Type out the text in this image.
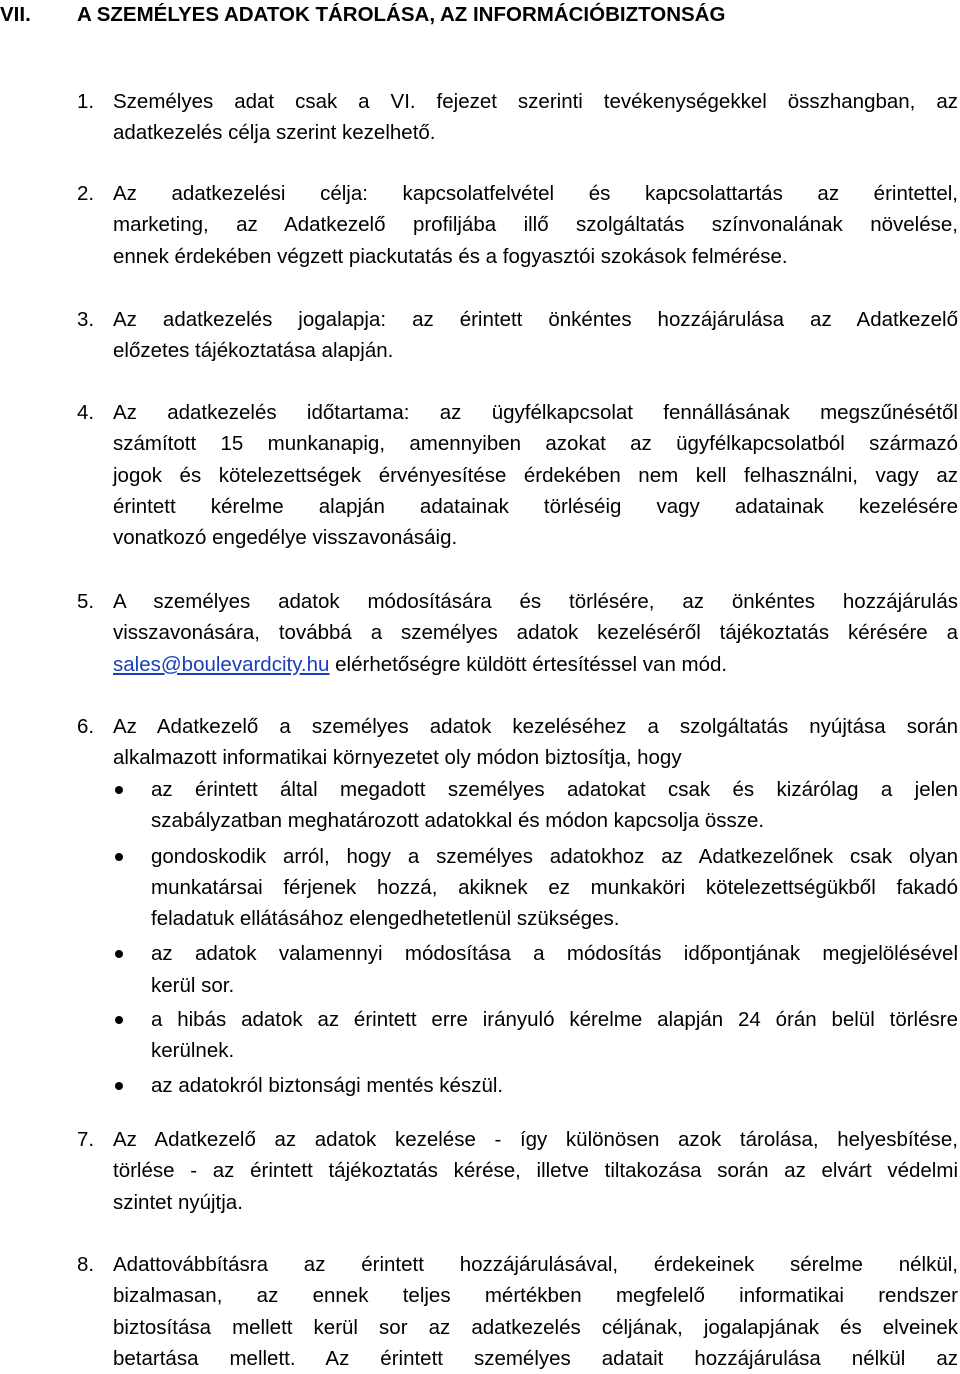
VII. A SZEMÉLYES ADATOK TÁROLÁSA, AZ INFORMÁCIÓBIZTONSÁG
1. Személyes adat csak a VI. fejezet szerinti tevékenységekkel összhangban, az
adatkezelés célja szerint kezelhető.
2. Az adatkezelési célja: kapcsolatfelvétel és kapcsolattartás az érintettel,
marketing, az Adatkezelő profiljába illő szolgáltatás színvonalának növelése,
ennek érdekében végzett piackutatás és a fogyasztói szokások felmérése.
3. Az adatkezelés jogalapja: az érintett önkéntes hozzájárulása az Adatkezelő
előzetes tájékoztatása alapján.
4. Az adatkezelés időtartama: az ügyfélkapcsolat fennállásának megszűnésétől
számított 15 munkanapig, amennyiben azokat az ügyfélkapcsolatból származó
jogok és kötelezettségek érvényesítése érdekében nem kell felhasználni, vagy az
érintett kérelme alapján adatainak törléséig vagy adatainak kezelésére
vonatkozó engedélye visszavonásáig.
5. A személyes adatok módosítására és törlésére, az önkéntes hozzájárulás
visszavonására, továbbá a személyes adatok kezeléséről tájékoztatás kérésére a
sales@boulevardcity.hu elérhetőségre küldött értesítéssel van mód.
6. Az Adatkezelő a személyes adatok kezeléséhez a szolgáltatás nyújtása során
alkalmazott informatikai környezetet oly módon biztosítja, hogy
az érintett által megadott személyes adatokat csak és kizárólag a jelen
szabályzatban meghatározott adatokkal és módon kapcsolja össze.
gondoskodik arról, hogy a személyes adatokhoz az Adatkezelőnek csak olyan
munkatársai férjenek hozzá, akiknek ez munkaköri kötelezettségükből fakadó
feladatuk ellátásához elengedhetetlenül szükséges.
az adatok valamennyi módosítása a módosítás időpontjának megjelölésével
kerül sor.
a hibás adatok az érintett erre irányuló kérelme alapján 24 órán belül törlésre
kerülnek.
az adatokról biztonsági mentés készül.
7. Az Adatkezelő az adatok kezelése - így különösen azok tárolása, helyesbítése,
törlése - az érintett tájékoztatás kérése, illetve tiltakozása során az elvárt védelmi
szintet nyújtja.
8. Adattovábbításra az érintett hozzájárulásával, érdekeinek sérelme nélkül,
bizalmasan, az ennek teljes mértékben megfelelő informatikai rendszer
biztosítása mellett kerül sor az adatkezelés céljának, jogalapjának és elveinek
betartása mellett. Az érintett személyes adatait hozzájárulása nélkül az
